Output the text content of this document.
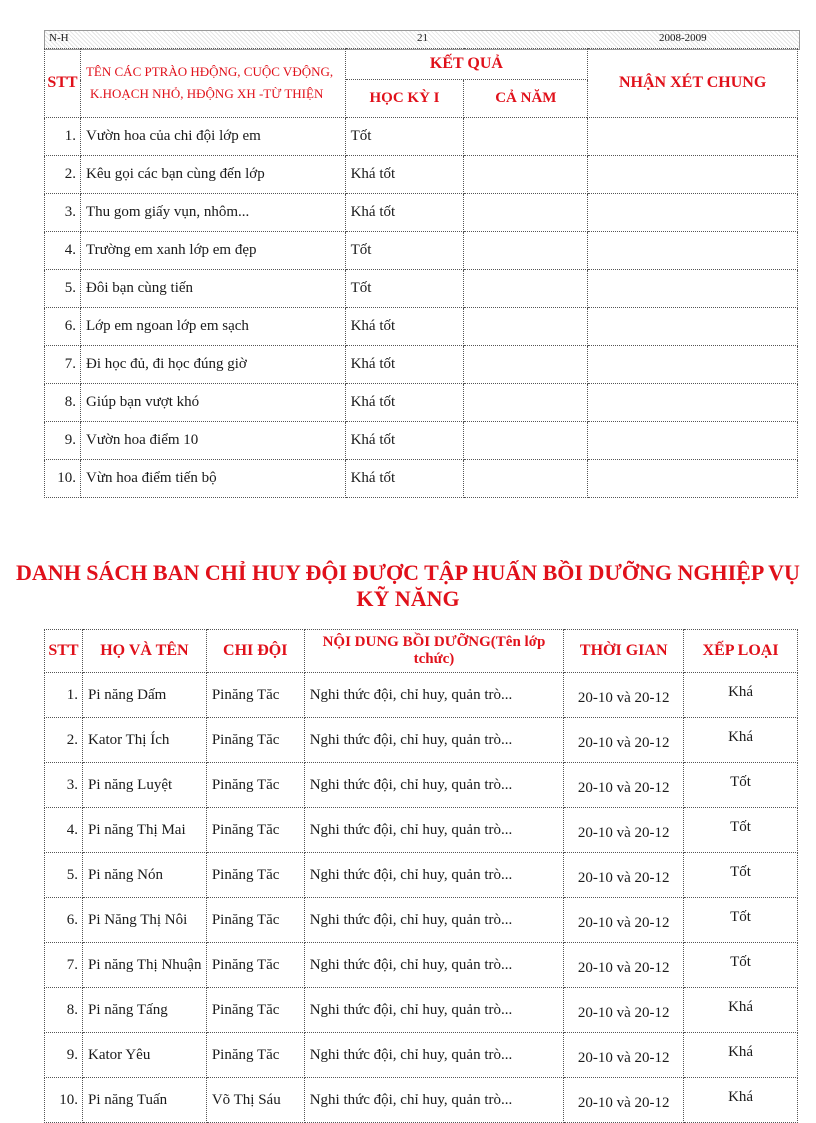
N-H	21	2008-2009
STT	TÊN CÁC PTRÀO HĐỘNG, CUỘC VĐỘNG,
K.HOẠCH NHỎ, HĐỘNG XH -TỪ THIỆN	KẾT QUẢ		NHẬN XÉT CHUNG
		HỌC KỲ I	CẢ NĂM	
1.	Vườn hoa của chi đội lớp em	Tốt		
2.	Kêu gọi các bạn cùng đến lớp	Khá tốt		
3.	Thu gom giấy vụn, nhôm...	Khá tốt		
4.	Trường em xanh lớp em đẹp	Tốt		
5.	Đôi bạn cùng tiến	Tốt		
6.	Lớp em ngoan lớp em sạch	Khá tốt		
7.	Đi học đủ, đi học đúng giờ	Khá tốt		
8.	Giúp bạn vượt khó	Khá tốt		
9.	Vườn hoa điểm 10	Khá tốt		
10.	Vừn hoa điểm tiến bộ	Khá tốt		
DANH SÁCH BAN CHỈ HUY ĐỘI ĐƯỢC TẬP HUẤN BỒI DƯỠNG NGHIỆP VỤ KỸ NĂNG
STT	HỌ VÀ TÊN	CHI ĐỘI	NỘI DUNG BỒI DƯỠNG(Tên lớp tchức)	THỜI GIAN	XẾP LOẠI
1.	Pi năng Dấm	Pinăng Tăc	Nghi thức đội, chỉ huy, quản trò...	20-10 và 20-12	Khá
2.	Kator Thị Ích	Pinăng Tăc	Nghi thức đội, chỉ huy, quản trò...	20-10 và 20-12	Khá
3.	Pi năng Luyệt	Pinăng Tăc	Nghi thức đội, chỉ huy, quản trò...	20-10 và 20-12	Tốt
4.	Pi năng Thị Mai	Pinăng Tăc	Nghi thức đội, chỉ huy, quản trò...	20-10 và 20-12	Tốt
5.	Pi năng Nón	Pinăng Tăc	Nghi thức đội, chỉ huy, quản trò...	20-10 và 20-12	Tốt
6.	Pi Năng Thị Nôi	Pinăng Tăc	Nghi thức đội, chỉ huy, quản trò...	20-10 và 20-12	Tốt
7.	Pi năng Thị Nhuận	Pinăng Tăc	Nghi thức đội, chỉ huy, quản trò...	20-10 và 20-12	Tốt
8.	Pi năng Tấng	Pinăng Tăc	Nghi thức đội, chỉ huy, quản trò...	20-10 và 20-12	Khá
9.	Kator Yêu	Pinăng Tăc	Nghi thức đội, chỉ huy, quản trò...	20-10 và 20-12	Khá
10.	Pi năng Tuấn	Võ Thị Sáu	Nghi thức đội, chỉ huy, quản trò...	20-10 và 20-12	Khá
